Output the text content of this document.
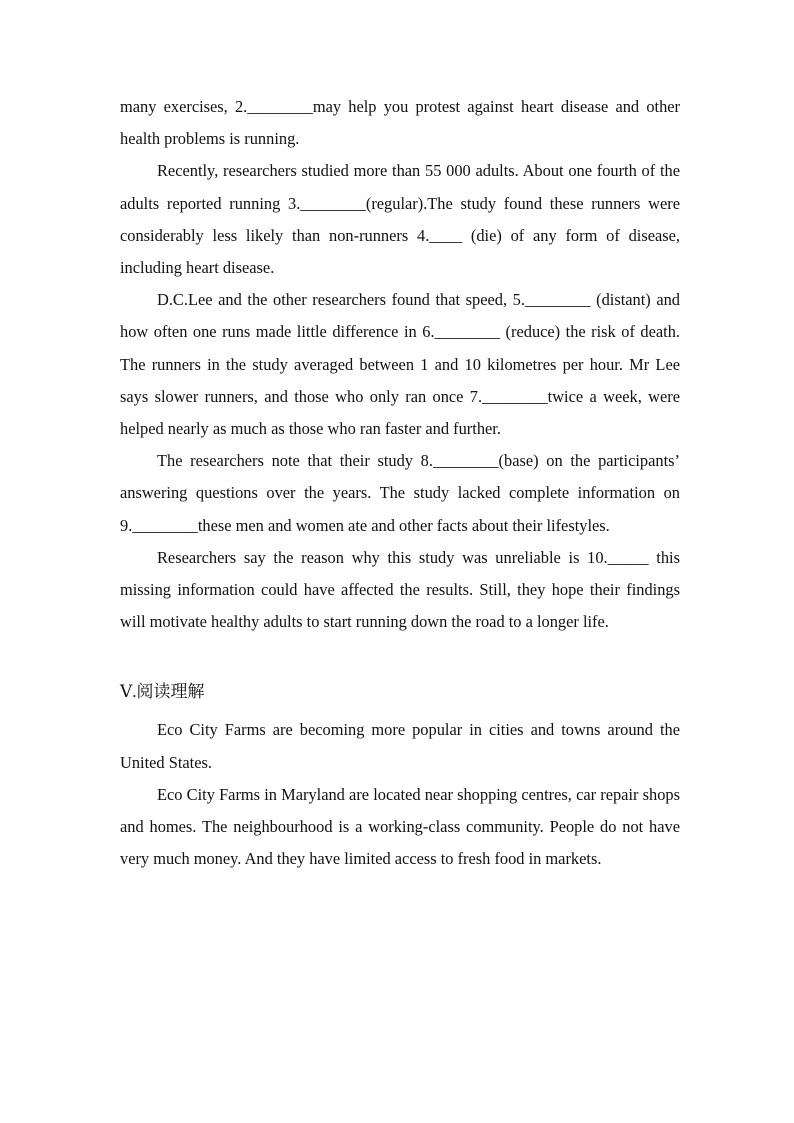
many exercises, 2.________may help you protest against heart disease and other health problems is running.

Recently, researchers studied more than 55 000 adults. About one fourth of the adults reported running 3.________(regular).The study found these runners were considerably less likely than non-runners 4.____ (die) of any form of disease, including heart disease.

D.C.Lee and the other researchers found that speed, 5.________ (distant) and how often one runs made little difference in 6.________ (reduce) the risk of death. The runners in the study averaged between 1 and 10 kilometres per hour. Mr Lee says slower runners, and those who only ran once 7.________twice a week, were helped nearly as much as those who ran faster and further.

The researchers note that their study 8.________(base) on the participants’ answering questions over the years. The study lacked complete information on 9.________these men and women ate and other facts about their lifestyles.

Researchers say the reason why this study was unreliable is 10._____ this missing information could have affected the results. Still, they hope their findings will motivate healthy adults to start running down the road to a longer life.

Ⅴ.阅读理解

Eco City Farms are becoming more popular in cities and towns around the United States.

Eco City Farms in Maryland are located near shopping centres, car repair shops and homes. The neighbourhood is a working-class community. People do not have very much money. And they have limited access to fresh food in markets.
